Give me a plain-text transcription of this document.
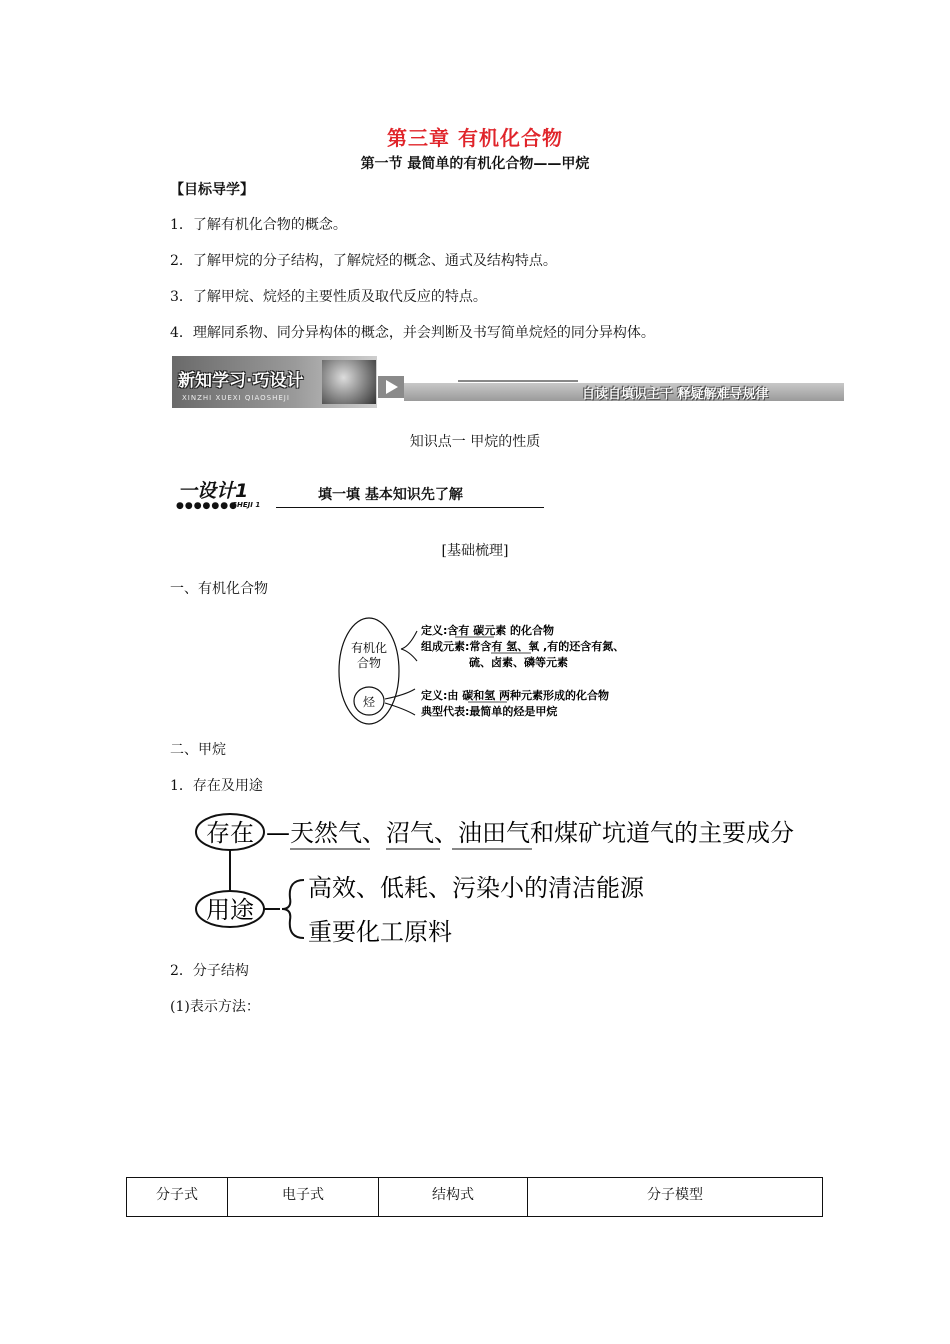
第三章 有机化合物
第一节 最简单的有机化合物——甲烷
【目标导学】
1．了解有机化合物的概念。
2．了解甲烷的分子结构，了解烷烃的概念、通式及结构特点。
3．了解甲烷、烷烃的主要性质及取代反应的特点。
4．理解同系物、同分异构体的概念，并会判断及书写简单烷烃的同分异构体。
新知学习·巧设计
XINZHI XUEXI QIAOSHEJI	自读自填识主干 释疑解难导规律
知识点一 甲烷的性质
一设计1
●●●●●●●
SHEJI 1
填一填 基本知识先了解
[基础梳理]
一、有机化合物
有机化
合物
烃
定义:含有 碳元素 的化合物
组成元素:常含有 氢、氧 ,有的还含有氮、
硫、卤素、磷等元素
定义:由 碳和氢 两种元素形成的化合物
典型代表:最简单的烃是甲烷
二、甲烷
1．存在及用途
存在 —天然气、沼气、油田气和煤矿坑道气的主要成分
用途
高效、低耗、污染小的清洁能源
重要化工原料
2．分子结构
(1)表示方法：
分子式	电子式	结构式	分子模型
